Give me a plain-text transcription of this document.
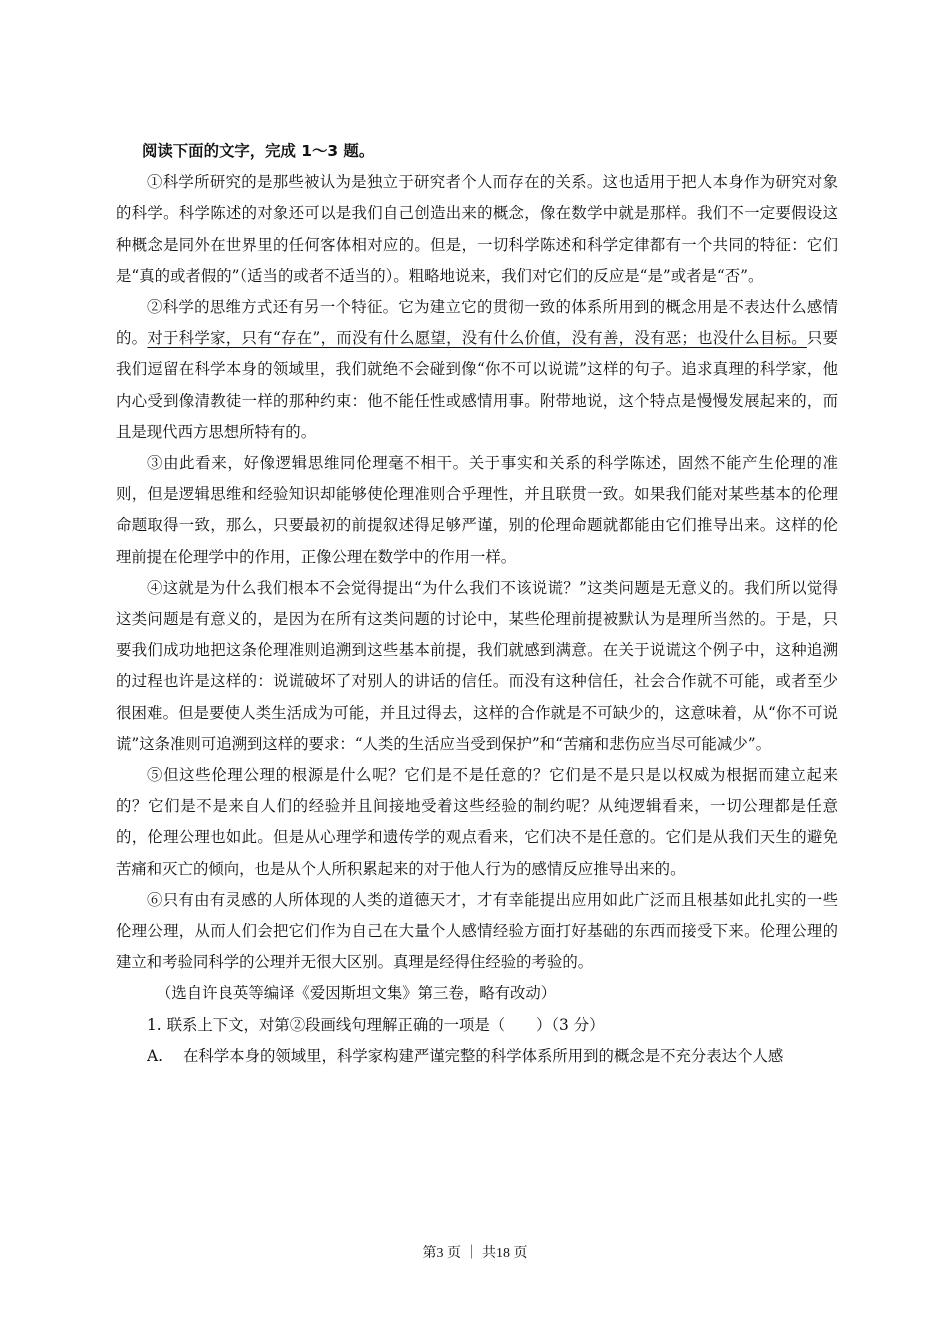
阅读下面的文字，完成 1～3 题。

①科学所研究的是那些被认为是独立于研究者个人而存在的关系。这也适用于把人本身作为研究对象的科学。科学陈述的对象还可以是我们自己创造出来的概念，像在数学中就是那样。我们不一定要假设这种概念是同外在世界里的任何客体相对应的。但是，一切科学陈述和科学定律都有一个共同的特征：它们是“真的或者假的”（适当的或者不适当的）。粗略地说来，我们对它们的反应是“是”或者是“否”。

②科学的思维方式还有另一个特征。它为建立它的贯彻一致的体系所用到的概念用是不表达什么感情的。对于科学家，只有“存在”，而没有什么愿望，没有什么价值，没有善，没有恶；也没什么目标。只要我们逗留在科学本身的领域里，我们就绝不会碰到像“你不可以说谎”这样的句子。追求真理的科学家，他内心受到像清教徒一样的那种约束：他不能任性或感情用事。附带地说，这个特点是慢慢发展起来的，而且是现代西方思想所特有的。

③由此看来，好像逻辑思维同伦理毫不相干。关于事实和关系的科学陈述，固然不能产生伦理的准则，但是逻辑思维和经验知识却能够使伦理准则合乎理性，并且联贯一致。如果我们能对某些基本的伦理命题取得一致，那么，只要最初的前提叙述得足够严谨，别的伦理命题就都能由它们推导出来。这样的伦理前提在伦理学中的作用，正像公理在数学中的作用一样。

④这就是为什么我们根本不会觉得提出“为什么我们不该说谎？”这类问题是无意义的。我们所以觉得这类问题是有意义的，是因为在所有这类问题的讨论中，某些伦理前提被默认为是理所当然的。于是，只要我们成功地把这条伦理准则追溯到这些基本前提，我们就感到满意。在关于说谎这个例子中，这种追溯的过程也许是这样的：说谎破坏了对别人的讲话的信任。而没有这种信任，社会合作就不可能，或者至少很困难。但是要使人类生活成为可能，并且过得去，这样的合作就是不可缺少的，这意味着，从“你不可说谎”这条准则可追溯到这样的要求：“人类的生活应当受到保护”和“苦痛和悲伤应当尽可能减少”。

⑤但这些伦理公理的根源是什么呢？它们是不是任意的？它们是不是只是以权威为根据而建立起来的？它们是不是来自人们的经验并且间接地受着这些经验的制约呢？从纯逻辑看来，一切公理都是任意的，伦理公理也如此。但是从心理学和遗传学的观点看来，它们决不是任意的。它们是从我们天生的避免苦痛和灭亡的倾向，也是从个人所积累起来的对于他人行为的感情反应推导出来的。

⑥只有由有灵感的人所体现的人类的道德天才，才有幸能提出应用如此广泛而且根基如此扎实的一些伦理公理，从而人们会把它们作为自己在大量个人感情经验方面打好基础的东西而接受下来。伦理公理的建立和考验同科学的公理并无很大区别。真理是经得住经验的考验的。

（选自许良英等编译《爱因斯坦文集》第三卷，略有改动）

1. 联系上下文，对第②段画线句理解正确的一项是（　　）（3 分）

A. 在科学本身的领域里，科学家构建严谨完整的科学体系所用到的概念是不充分表达个人感

第3 页 ｜ 共18 页
